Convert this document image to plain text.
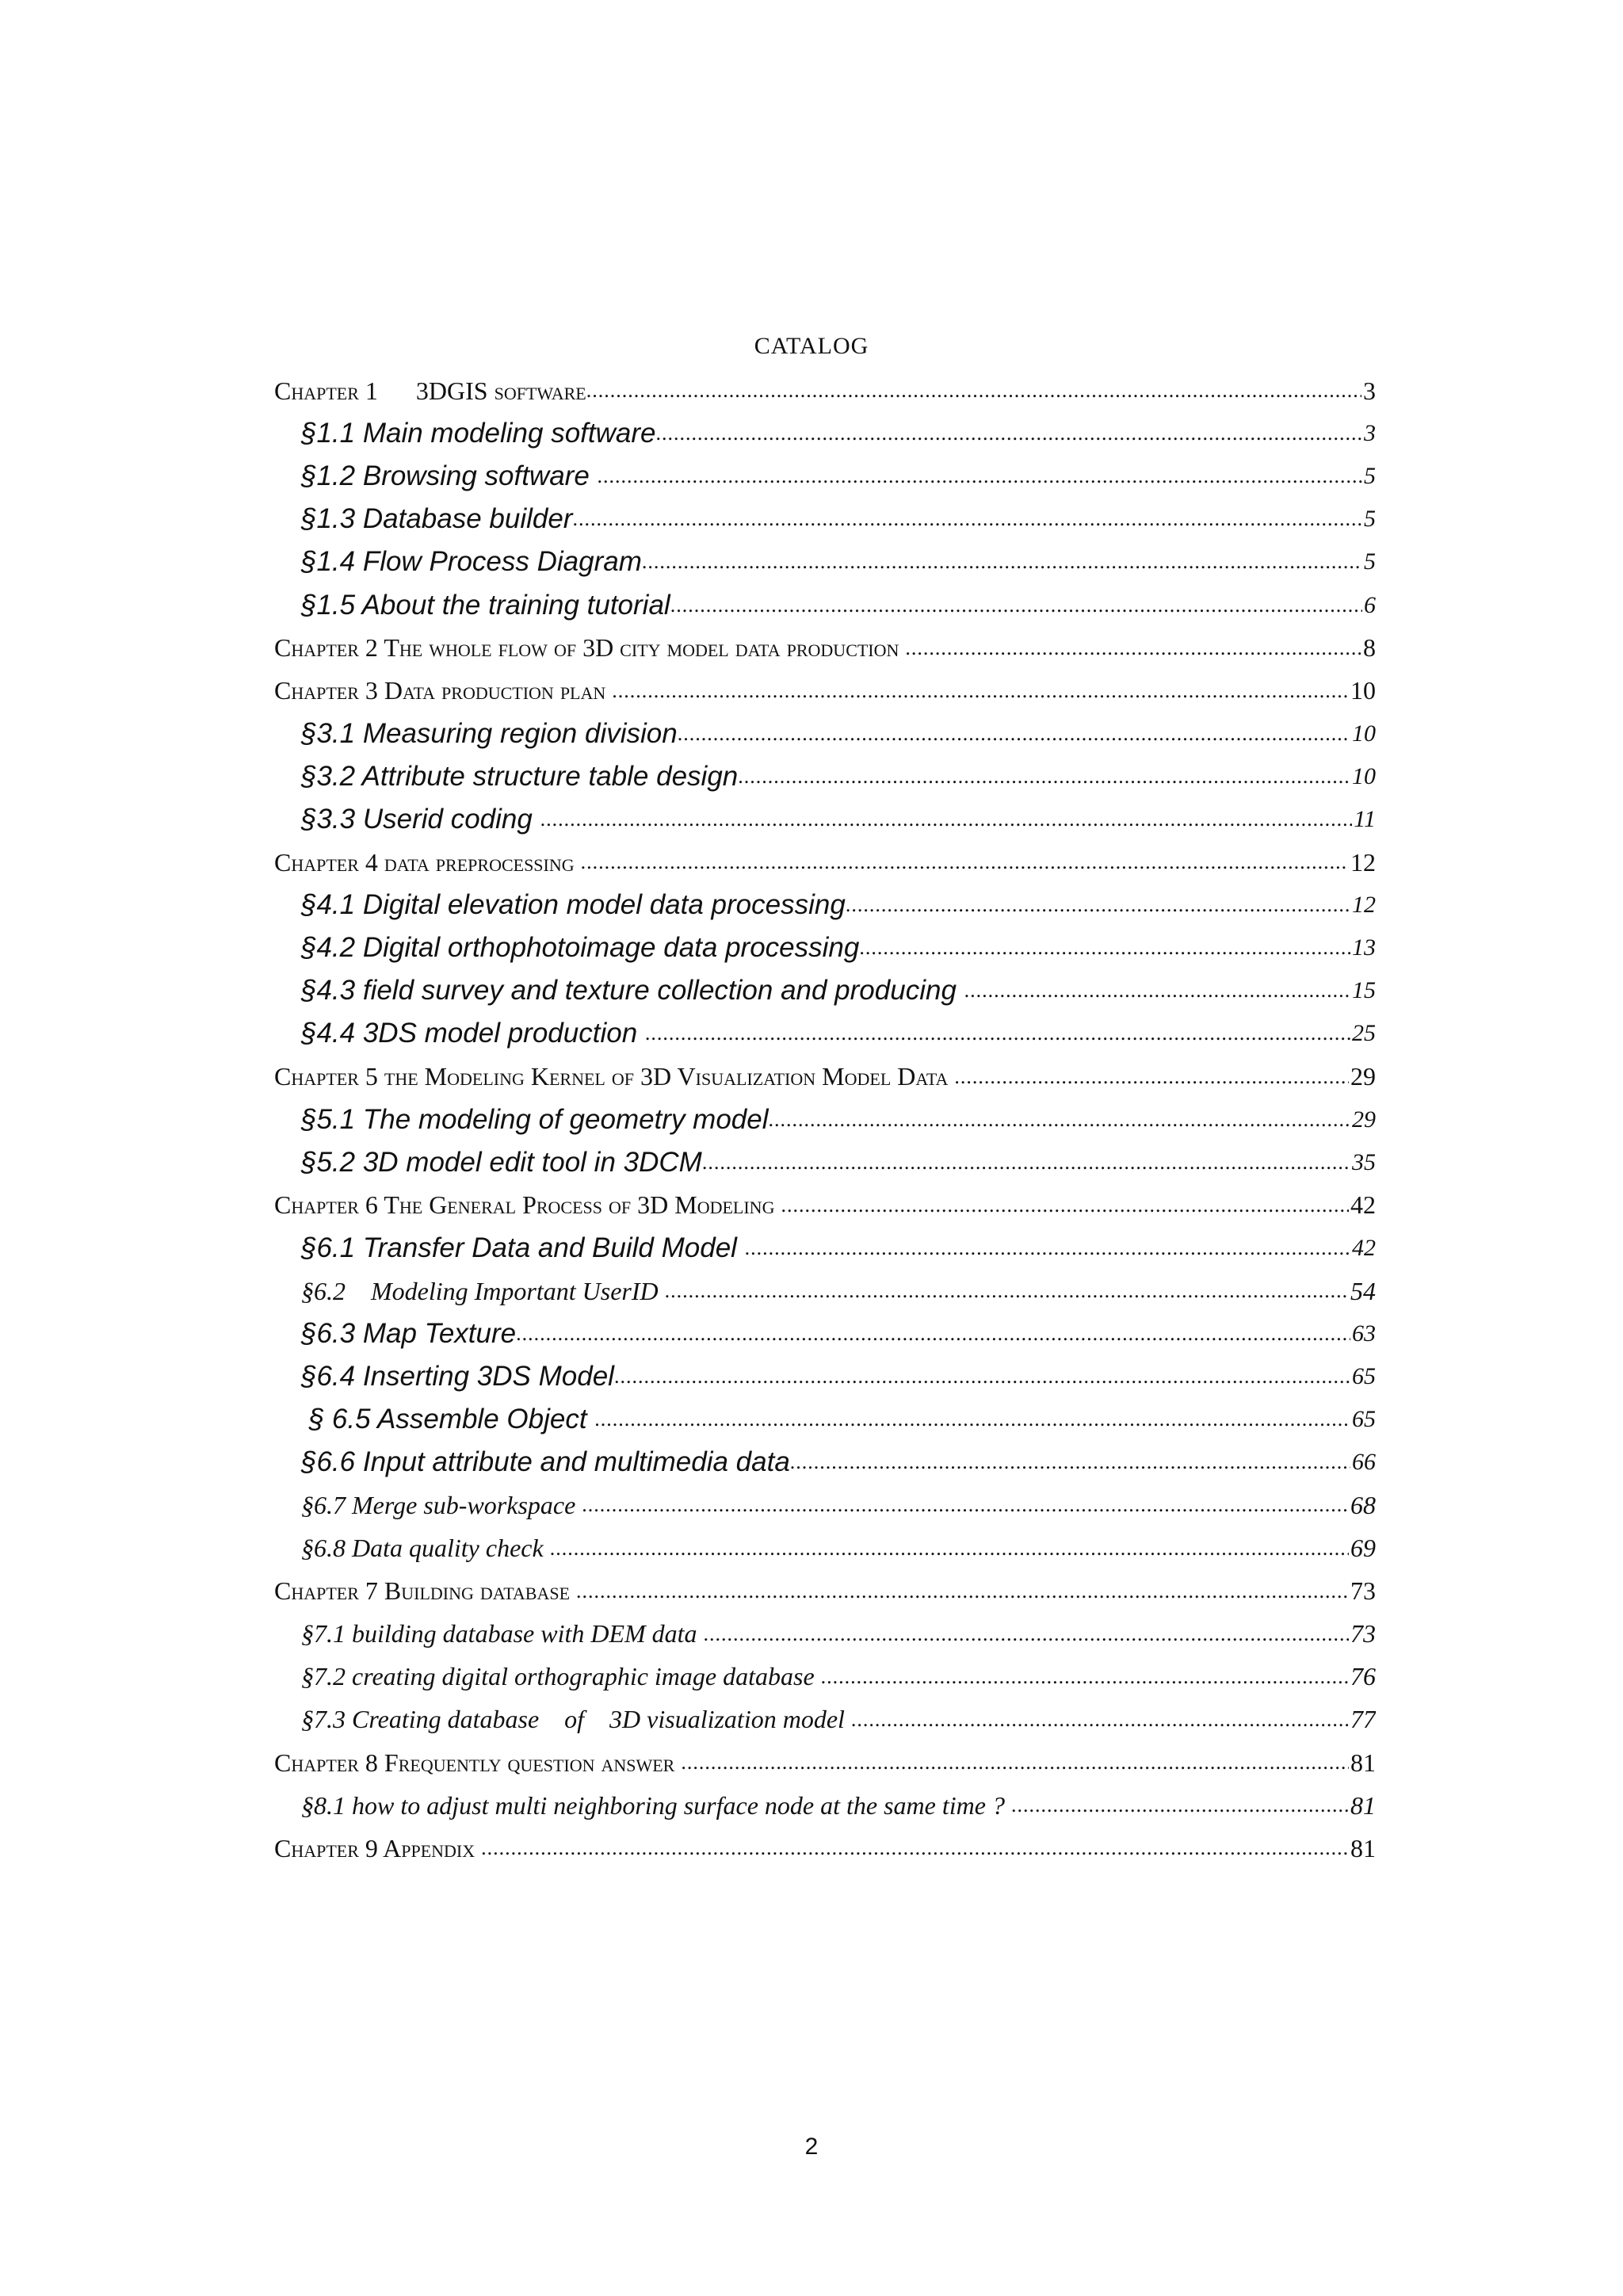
CATALOG
Chapter 1      3DGIS software .....	3
§1.1 Main modeling software .....	3
§1.2 Browsing software .....	5
§1.3 Database builder .....	5
§1.4 Flow Process Diagram .....	5
§1.5 About the training tutorial .....	6
Chapter 2 The whole flow of 3D city model data production .....	8
Chapter 3 Data production plan .....	10
§3.1 Measuring region division .....	10
§3.2 Attribute structure table design .....	10
§3.3 Userid coding .....	11
Chapter 4 data preprocessing .....	12
§4.1 Digital elevation model data processing .....	12
§4.2 Digital orthophotoimage data processing .....	13
§4.3 field survey and texture collection and producing .....	15
§4.4 3DS model production .....	25
Chapter 5 the Modeling Kernel of 3D Visualization Model Data .....	29
§5.1 The modeling of geometry model .....	29
§5.2 3D model edit tool in 3DCM .....	35
Chapter 6 The General Process of 3D Modeling .....	42
§6.1 Transfer Data and Build Model .....	42
§6.2    Modeling Important UserID .....	54
§6.3 Map Texture .....	63
§6.4 Inserting 3DS Model .....	65
§ 6.5 Assemble Object .....	65
§6.6 Input attribute and multimedia data .....	66
§6.7 Merge sub-workspace .....	68
§6.8 Data quality check .....	69
Chapter 7 Building database .....	73
§7.1 building database with DEM data .....	73
§7.2 creating digital orthographic image database .....	76
§7.3 Creating database    of    3D visualization model .....	77
Chapter 8 Frequently question answer .....	81
§8.1 how to adjust multi neighboring surface node at the same time ? .....	81
Chapter 9 Appendix .....	81
2
